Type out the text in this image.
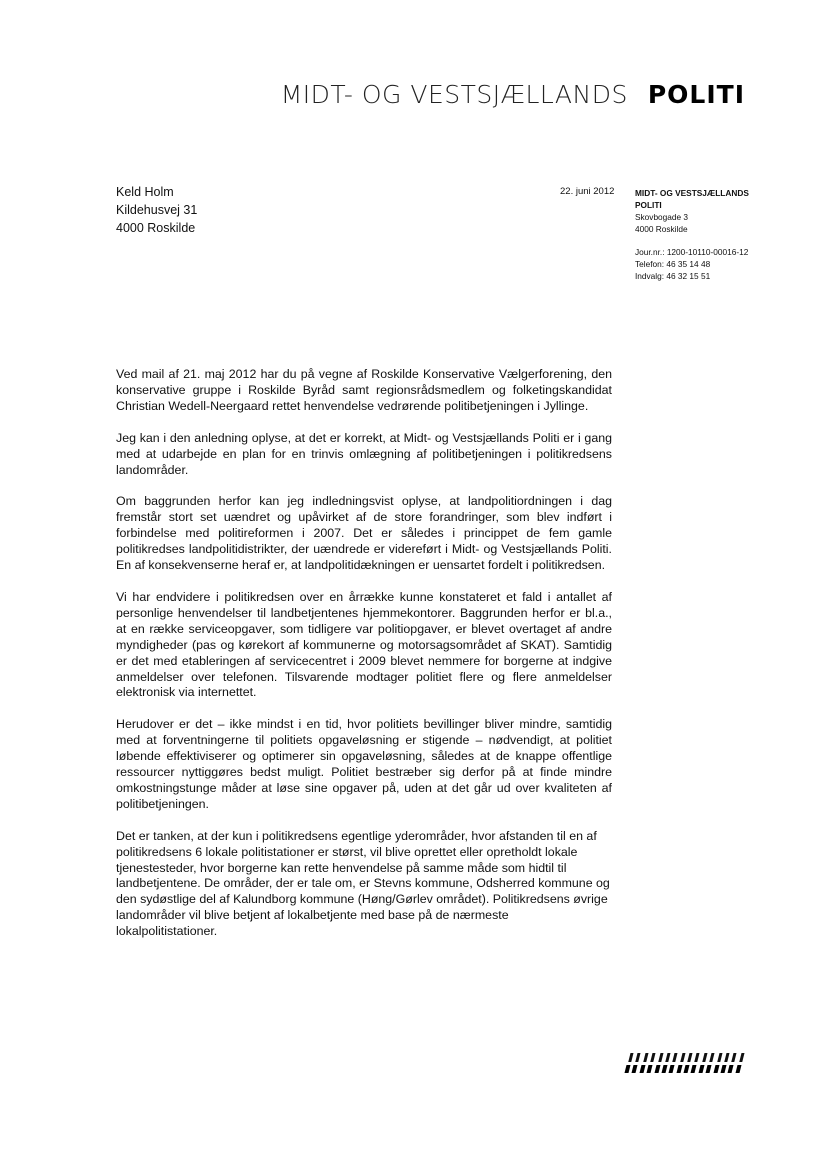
MIDT- OG VESTSJÆLLANDS POLITI
Keld Holm
Kildehusvej 31
4000 Roskilde
22. juni 2012 MIDT- OG VESTSJÆLLANDS
POLITI
Skovbogade 3
4000 Roskilde
Jour.nr.: 1200-10110-00016-12
Telefon: 46 35 14 48
Indvalg: 46 32 15 51

Ved mail af 21. maj 2012 har du på vegne af Roskilde Konservative Vælgerforening, den konservative gruppe i Roskilde Byråd samt regionsrådsmedlem og folketingskandidat Christian Wedell-Neergaard rettet henvendelse vedrørende politibetjeningen i Jyllinge.

Jeg kan i den anledning oplyse, at det er korrekt, at Midt- og Vestsjællands Politi er i gang med at udarbejde en plan for en trinvis omlægning af politibetjeningen i politikredsens landområder.

Om baggrunden herfor kan jeg indledningsvist oplyse, at landpolitiordningen i dag fremstår stort set uændret og upåvirket af de store forandringer, som blev indført i forbindelse med politireformen i 2007. Det er således i princippet de fem gamle politikredses landpolitidistrikter, der uændrede er videreført i Midt- og Vestsjællands Politi. En af konsekvenserne heraf er, at landpolitidækningen er uensartet fordelt i politikredsen.

Vi har endvidere i politikredsen over en årrække kunne konstateret et fald i antallet af personlige henvendelser til landbetjentenes hjemmekontorer. Baggrunden herfor er bl.a., at en række serviceopgaver, som tidligere var politiopgaver, er blevet overtaget af andre myndigheder (pas og kørekort af kommunerne og motorsagsområdet af SKAT). Samtidig er det med etableringen af servicecentret i 2009 blevet nemmere for borgerne at indgive anmeldelser over telefonen. Tilsvarende modtager politiet flere og flere anmeldelser elektronisk via internettet.

Herudover er det – ikke mindst i en tid, hvor politiets bevillinger bliver mindre, samtidig med at forventningerne til politiets opgaveløsning er stigende – nødvendigt, at politiet løbende effektiviserer og optimerer sin opgaveløsning, således at de knappe offentlige ressourcer nyttiggøres bedst muligt. Politiet bestræber sig derfor på at finde mindre omkostningstunge måder at løse sine opgaver på, uden at det går ud over kvaliteten af politibetjeningen.

Det er tanken, at der kun i politikredsens egentlige yderområder, hvor afstanden til en af politikredsens 6 lokale politistationer er størst, vil blive oprettet eller opretholdt lokale tjenestesteder, hvor borgerne kan rette henvendelse på samme måde som hidtil til landbetjentene. De områder, der er tale om, er Stevns kommune, Odsherred kommune og den sydøstlige del af Kalundborg kommune (Høng/Gørlev området). Politikredsens øvrige landområder vil blive betjent af lokalbetjente med base på de nærmeste lokalpolitistationer.
